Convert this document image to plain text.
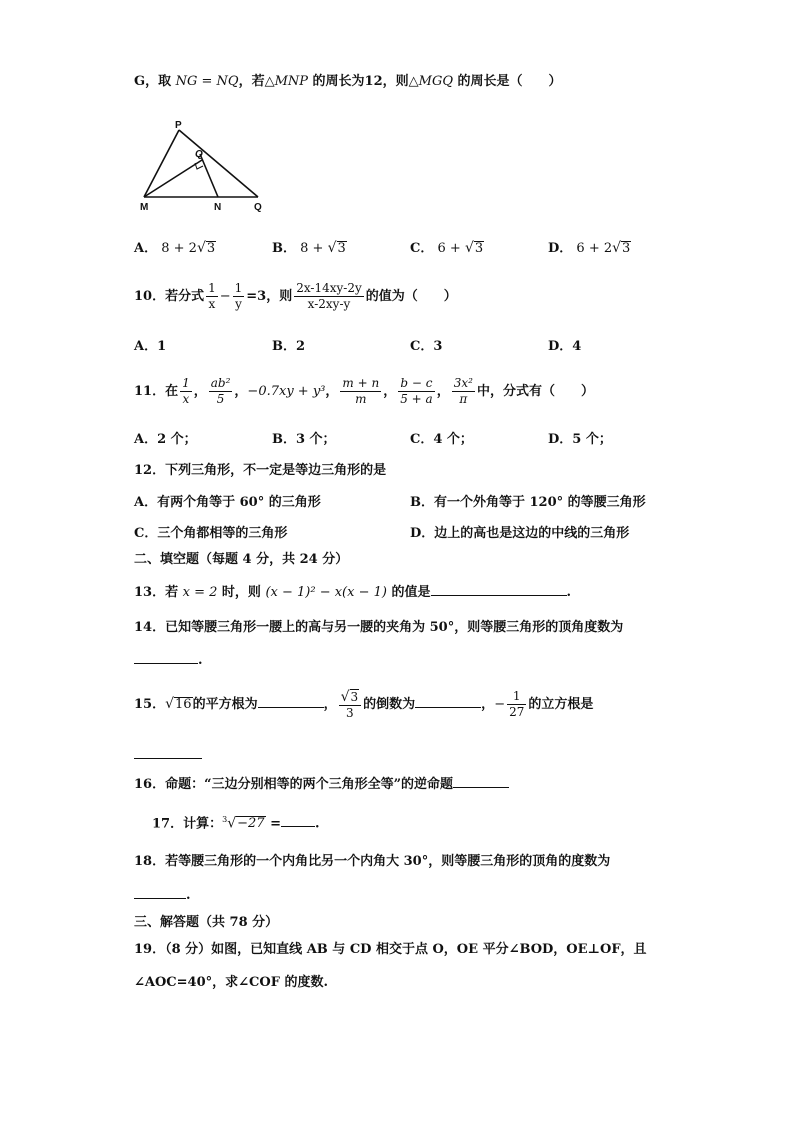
G，取 NG = NQ，若△MNP 的周长为12，则△MGQ 的周长是（　　）
P
Q
M	N	Q
A． 8 + 2√3	B． 8 + √3	C． 6 + √3	D． 6 + 2√3
10．若分式 $\frac{1}{x} - \frac{1}{y} =3$，则 $\frac{2x-14xy-2y}{x-2xy-y}$ 的值为（　　）
A．1	B．2	C．3	D．4
11．在 $\frac{1}{x}$ ， $\frac{\text{ab²}}{5}$ ，−0.7xy + y³， $\frac{m + n}{m}$ ， $\frac{b - c}{5 + a}$ ， $\frac{\text{3x²}}{\pi}$ 中，分式有（　　）
A．2 个；	B．3 个；	C．4 个；	D．5 个；
12．下列三角形，不一定是等边三角形的是
A．有两个角等于 60° 的三角形	B．有一个外角等于 120° 的等腰三角形
C．三个角都相等的三角形	D．边上的高也是这边的中线的三角形
二、填空题（每题 4 分，共 24 分）
13．若 x = 2 时，则 (x − 1)² − x(x − 1) 的值是	.
14．已知等腰三角形一腰上的高与另一腰的夹角为 50°，则等腰三角形的顶角度数为
.
15．√16的平方根为	， $\frac{√3}{3}$ 的倒数为	，− $\frac{1}{27}$ 的立方根是
16．命题：“三边分别相等的两个三角形全等”的逆命题
17．计算：$^3$√−27 =	.
18．若等腰三角形的一个内角比另一个内角大 30°，则等腰三角形的顶角的度数为
.
三、解答题（共 78 分）
19．（8 分）如图，已知直线 AB 与 CD 相交于点 O，OE 平分∠BOD，OE⊥OF，且
∠AOC=40°，求∠COF 的度数.
